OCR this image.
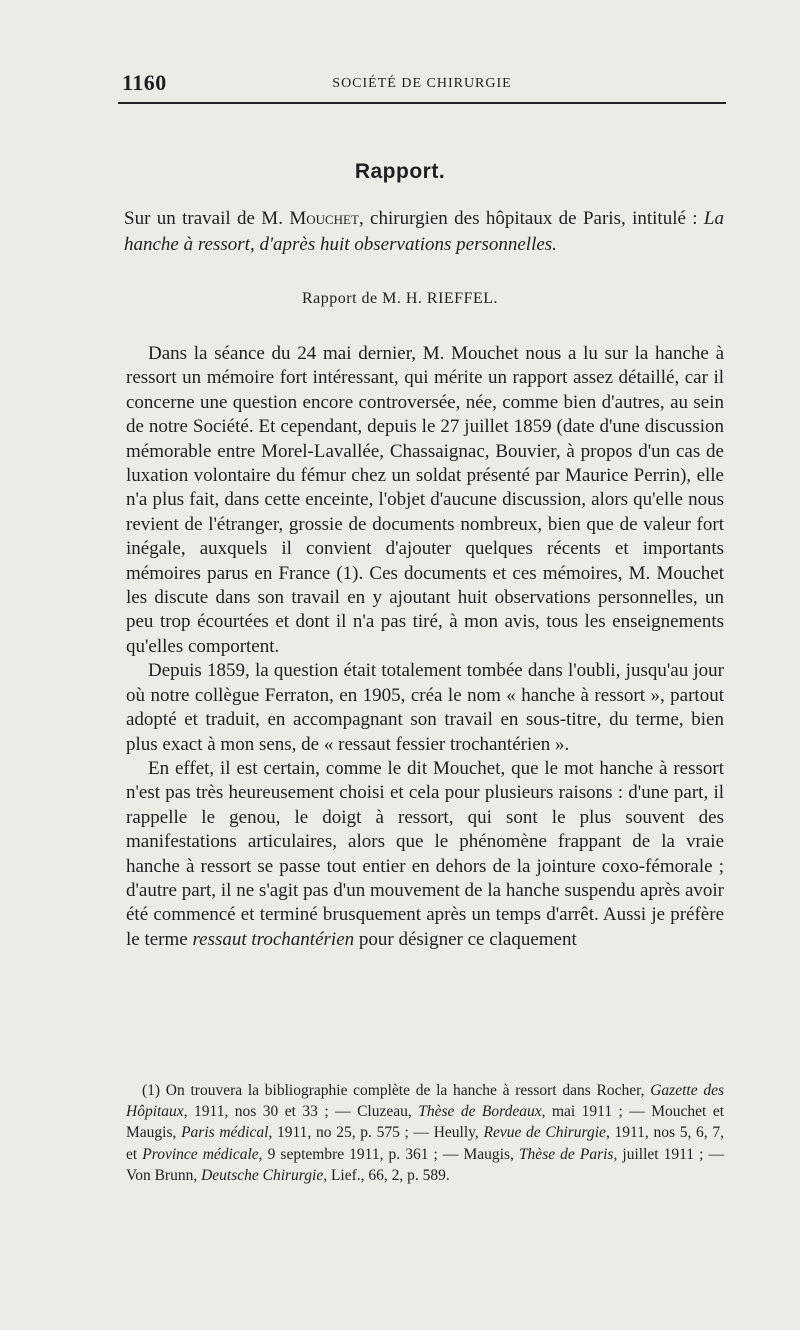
1160	SOCIÉTÉ DE CHIRURGIE
Rapport.
Sur un travail de M. Mouchet, chirurgien des hôpitaux de Paris, intitulé : La hanche à ressort, d'après huit observations personnelles.
Rapport de M. H. RIEFFEL.

Dans la séance du 24 mai dernier, M. Mouchet nous a lu sur la hanche à ressort un mémoire fort intéressant, qui mérite un rapport assez détaillé, car il concerne une question encore controversée, née, comme bien d'autres, au sein de notre Société. Et cependant, depuis le 27 juillet 1859 (date d'une discussion mémorable entre Morel-Lavallée, Chassaignac, Bouvier, à propos d'un cas de luxation volontaire du fémur chez un soldat présenté par Maurice Perrin), elle n'a plus fait, dans cette enceinte, l'objet d'aucune discussion, alors qu'elle nous revient de l'étranger, grossie de documents nombreux, bien que de valeur fort inégale, auxquels il convient d'ajouter quelques récents et importants mémoires parus en France (1). Ces documents et ces mémoires, M. Mouchet les discute dans son travail en y ajoutant huit observations personnelles, un peu trop écourtées et dont il n'a pas tiré, à mon avis, tous les enseignements qu'elles comportent.

Depuis 1859, la question était totalement tombée dans l'oubli, jusqu'au jour où notre collègue Ferraton, en 1905, créa le nom « hanche à ressort », partout adopté et traduit, en accompagnant son travail en sous-titre, du terme, bien plus exact à mon sens, de « ressaut fessier trochantérien ».

En effet, il est certain, comme le dit Mouchet, que le mot hanche à ressort n'est pas très heureusement choisi et cela pour plusieurs raisons : d'une part, il rappelle le genou, le doigt à ressort, qui sont le plus souvent des manifestations articulaires, alors que le phénomène frappant de la vraie hanche à ressort se passe tout entier en dehors de la jointure coxo-fémorale ; d'autre part, il ne s'agit pas d'un mouvement de la hanche suspendu après avoir été commencé et terminé brusquement après un temps d'arrêt. Aussi je préfère le terme ressaut trochantérien pour désigner ce claquement

(1) On trouvera la bibliographie complète de la hanche à ressort dans Rocher, Gazette des Hôpitaux, 1911, nos 30 et 33 ; — Cluzeau, Thèse de Bordeaux, mai 1911 ; — Mouchet et Maugis, Paris médical, 1911, no 25, p. 575 ; — Heully, Revue de Chirurgie, 1911, nos 5, 6, 7, et Province médicale, 9 septembre 1911, p. 361 ; — Maugis, Thèse de Paris, juillet 1911 ; — Von Brunn, Deutsche Chirurgie, Lief., 66, 2, p. 589.
